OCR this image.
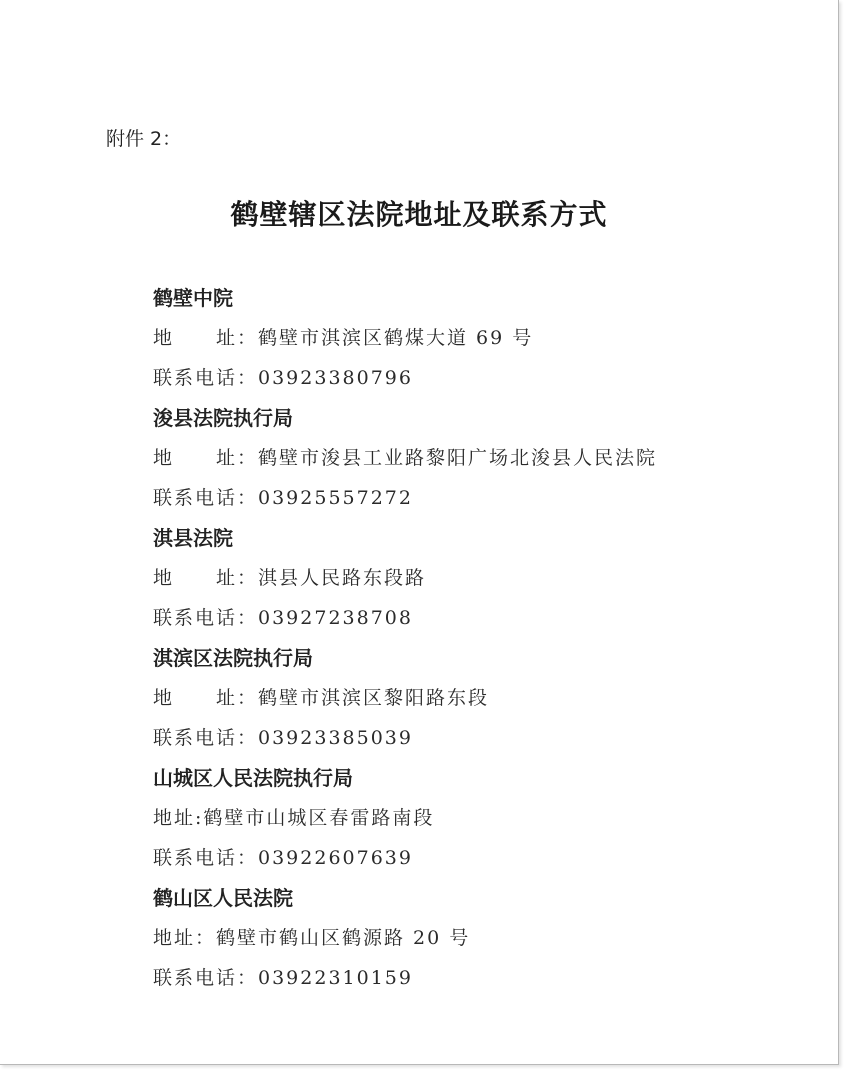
附件 2：
鹤壁辖区法院地址及联系方式
鹤壁中院
地　　址：鹤壁市淇滨区鹤煤大道 69 号
联系电话：03923380796
浚县法院执行局
地　　址：鹤壁市浚县工业路黎阳广场北浚县人民法院
联系电话：03925557272
淇县法院
地　　址：淇县人民路东段路
联系电话：03927238708
淇滨区法院执行局
地　　址：鹤壁市淇滨区黎阳路东段
联系电话：03923385039
山城区人民法院执行局
地址:鹤壁市山城区春雷路南段
联系电话：03922607639
鹤山区人民法院
地址：鹤壁市鹤山区鹤源路 20 号
联系电话：03922310159
